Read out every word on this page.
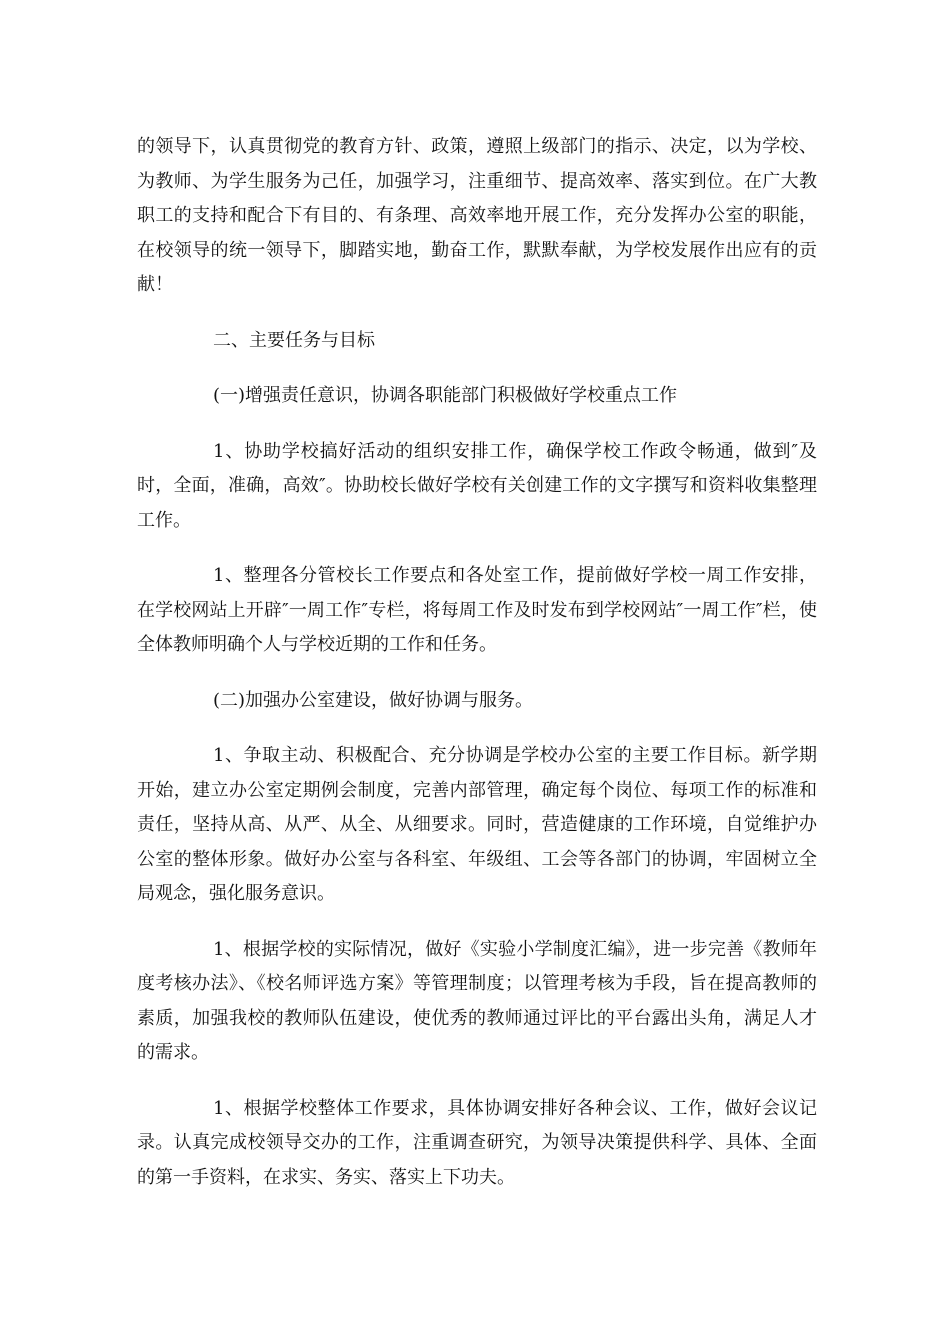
的领导下，认真贯彻党的教育方针、政策，遵照上级部门的指示、决定，以为学校、为教师、为学生服务为己任，加强学习，注重细节、提高效率、落实到位。在广大教职工的支持和配合下有目的、有条理、高效率地开展工作，充分发挥办公室的职能，在校领导的统一领导下，脚踏实地，勤奋工作，默默奉献，为学校发展作出应有的贡献！

二、主要任务与目标

(一)增强责任意识，协调各职能部门积极做好学校重点工作

1、协助学校搞好活动的组织安排工作，确保学校工作政令畅通，做到″及时，全面，准确，高效″。协助校长做好学校有关创建工作的文字撰写和资料收集整理工作。

1、整理各分管校长工作要点和各处室工作，提前做好学校一周工作安排，在学校网站上开辟″一周工作″专栏，将每周工作及时发布到学校网站″一周工作″栏，使全体教师明确个人与学校近期的工作和任务。

(二)加强办公室建设，做好协调与服务。

1、争取主动、积极配合、充分协调是学校办公室的主要工作目标。新学期开始，建立办公室定期例会制度，完善内部管理，确定每个岗位、每项工作的标准和责任，坚持从高、从严、从全、从细要求。同时，营造健康的工作环境，自觉维护办公室的整体形象。做好办公室与各科室、年级组、工会等各部门的协调，牢固树立全局观念，强化服务意识。

1、根据学校的实际情况，做好《实验小学制度汇编》，进一步完善《教师年度考核办法》、《校名师评选方案》等管理制度；以管理考核为手段，旨在提高教师的素质，加强我校的教师队伍建设，使优秀的教师通过评比的平台露出头角，满足人才的需求。

1、根据学校整体工作要求，具体协调安排好各种会议、工作，做好会议记录。认真完成校领导交办的工作，注重调查研究，为领导决策提供科学、具体、全面的第一手资料，在求实、务实、落实上下功夫。
